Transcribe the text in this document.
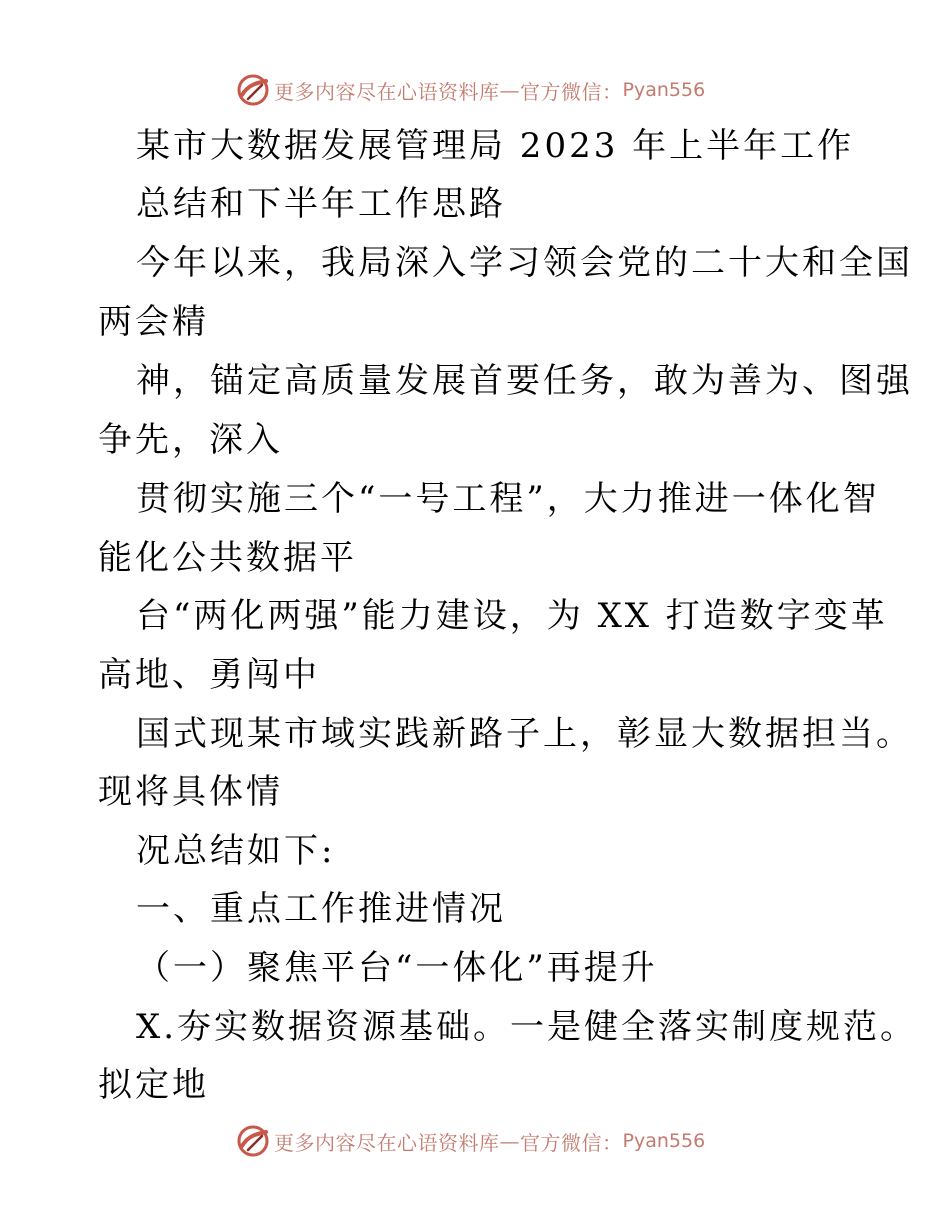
更多内容尽在心语资料库 — 官方微信： Pyan556
某市大数据发展管理局 2023 年上半年工作
总结和下半年工作思路
今年以来，我局深入学习领会党的二十大和全国
两会精
神，锚定高质量发展首要任务，敢为善为、图强
争先，深入
贯彻实施三个“一号工程”，大力推进一体化智
能化公共数据平
台“两化两强”能力建设，为 XX 打造数字变革
高地、勇闯中
国式现某市域实践新路子上，彰显大数据担当。
现将具体情
况总结如下:
一、重点工作推进情况
（一）聚焦平台“一体化”再提升
X.夯实数据资源基础。一是健全落实制度规范。
拟定地
更多内容尽在心语资料库 — 官方微信： Pyan556
